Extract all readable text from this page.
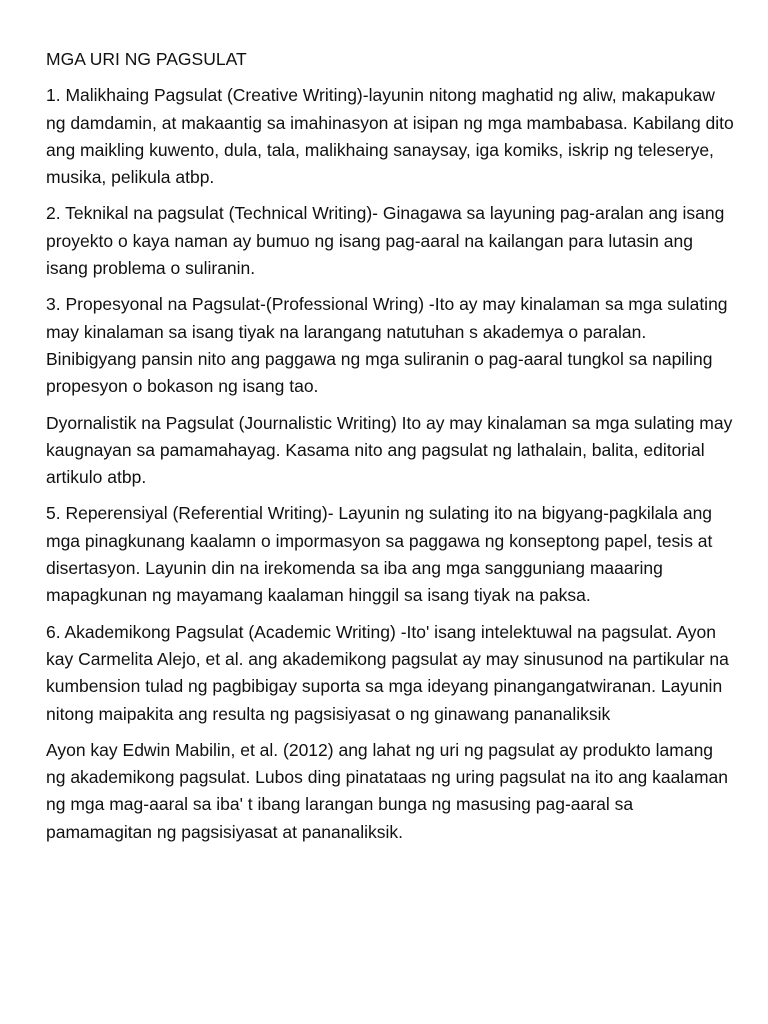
MGA URI NG PAGSULAT

1. Malikhaing Pagsulat (Creative Writing)-layunin nitong maghatid ng aliw, makapukaw ng damdamin, at makaantig sa imahinasyon at isipan ng mga mambabasa. Kabilang dito ang maikling kuwento, dula, tala, malikhaing sanaysay, iga komiks, iskrip ng teleserye, musika, pelikula atbp.

2. Teknikal na pagsulat (Technical Writing)- Ginagawa sa layuning pag-aralan ang isang proyekto o kaya naman ay bumuo ng isang pag-aaral na kailangan para lutasin ang isang problema o suliranin.

3. Propesyonal na Pagsulat-(Professional Wring) -Ito ay may kinalaman sa mga sulating may kinalaman sa isang tiyak na larangang natutuhan s akademya o paralan. Binibigyang pansin nito ang paggawa ng mga suliranin o pag-aaral tungkol sa napiling propesyon o bokason ng isang tao.

Dyornalistik na Pagsulat (Journalistic Writing) Ito ay may kinalaman sa mga sulating may kaugnayan sa pamamahayag. Kasama nito ang pagsulat ng lathalain, balita, editorial artikulo atbp.

5. Reperensiyal (Referential Writing)- Layunin ng sulating ito na bigyang-pagkilala ang mga pinagkunang kaalamn o impormasyon sa paggawa ng konseptong papel, tesis at disertasyon. Layunin din na irekomenda sa iba ang mga sangguniang maaaring mapagkunan ng mayamang kaalaman hinggil sa isang tiyak na paksa.

6. Akademikong Pagsulat (Academic Writing) -Ito' isang intelektuwal na pagsulat. Ayon kay Carmelita Alejo, et al. ang akademikong pagsulat ay may sinusunod na partikular na kumbension tulad ng pagbibigay suporta sa mga ideyang pinangangatwiranan. Layunin nitong maipakita ang resulta ng pagsisiyasat o ng ginawang pananaliksik

Ayon kay Edwin Mabilin, et al. (2012) ang lahat ng uri ng pagsulat ay produkto lamang ng akademikong pagsulat. Lubos ding pinatataas ng uring pagsulat na ito ang kaalaman ng mga mag-aaral sa iba' t ibang larangan bunga ng masusing pag-aaral sa pamamagitan ng pagsisiyasat at pananaliksik.
